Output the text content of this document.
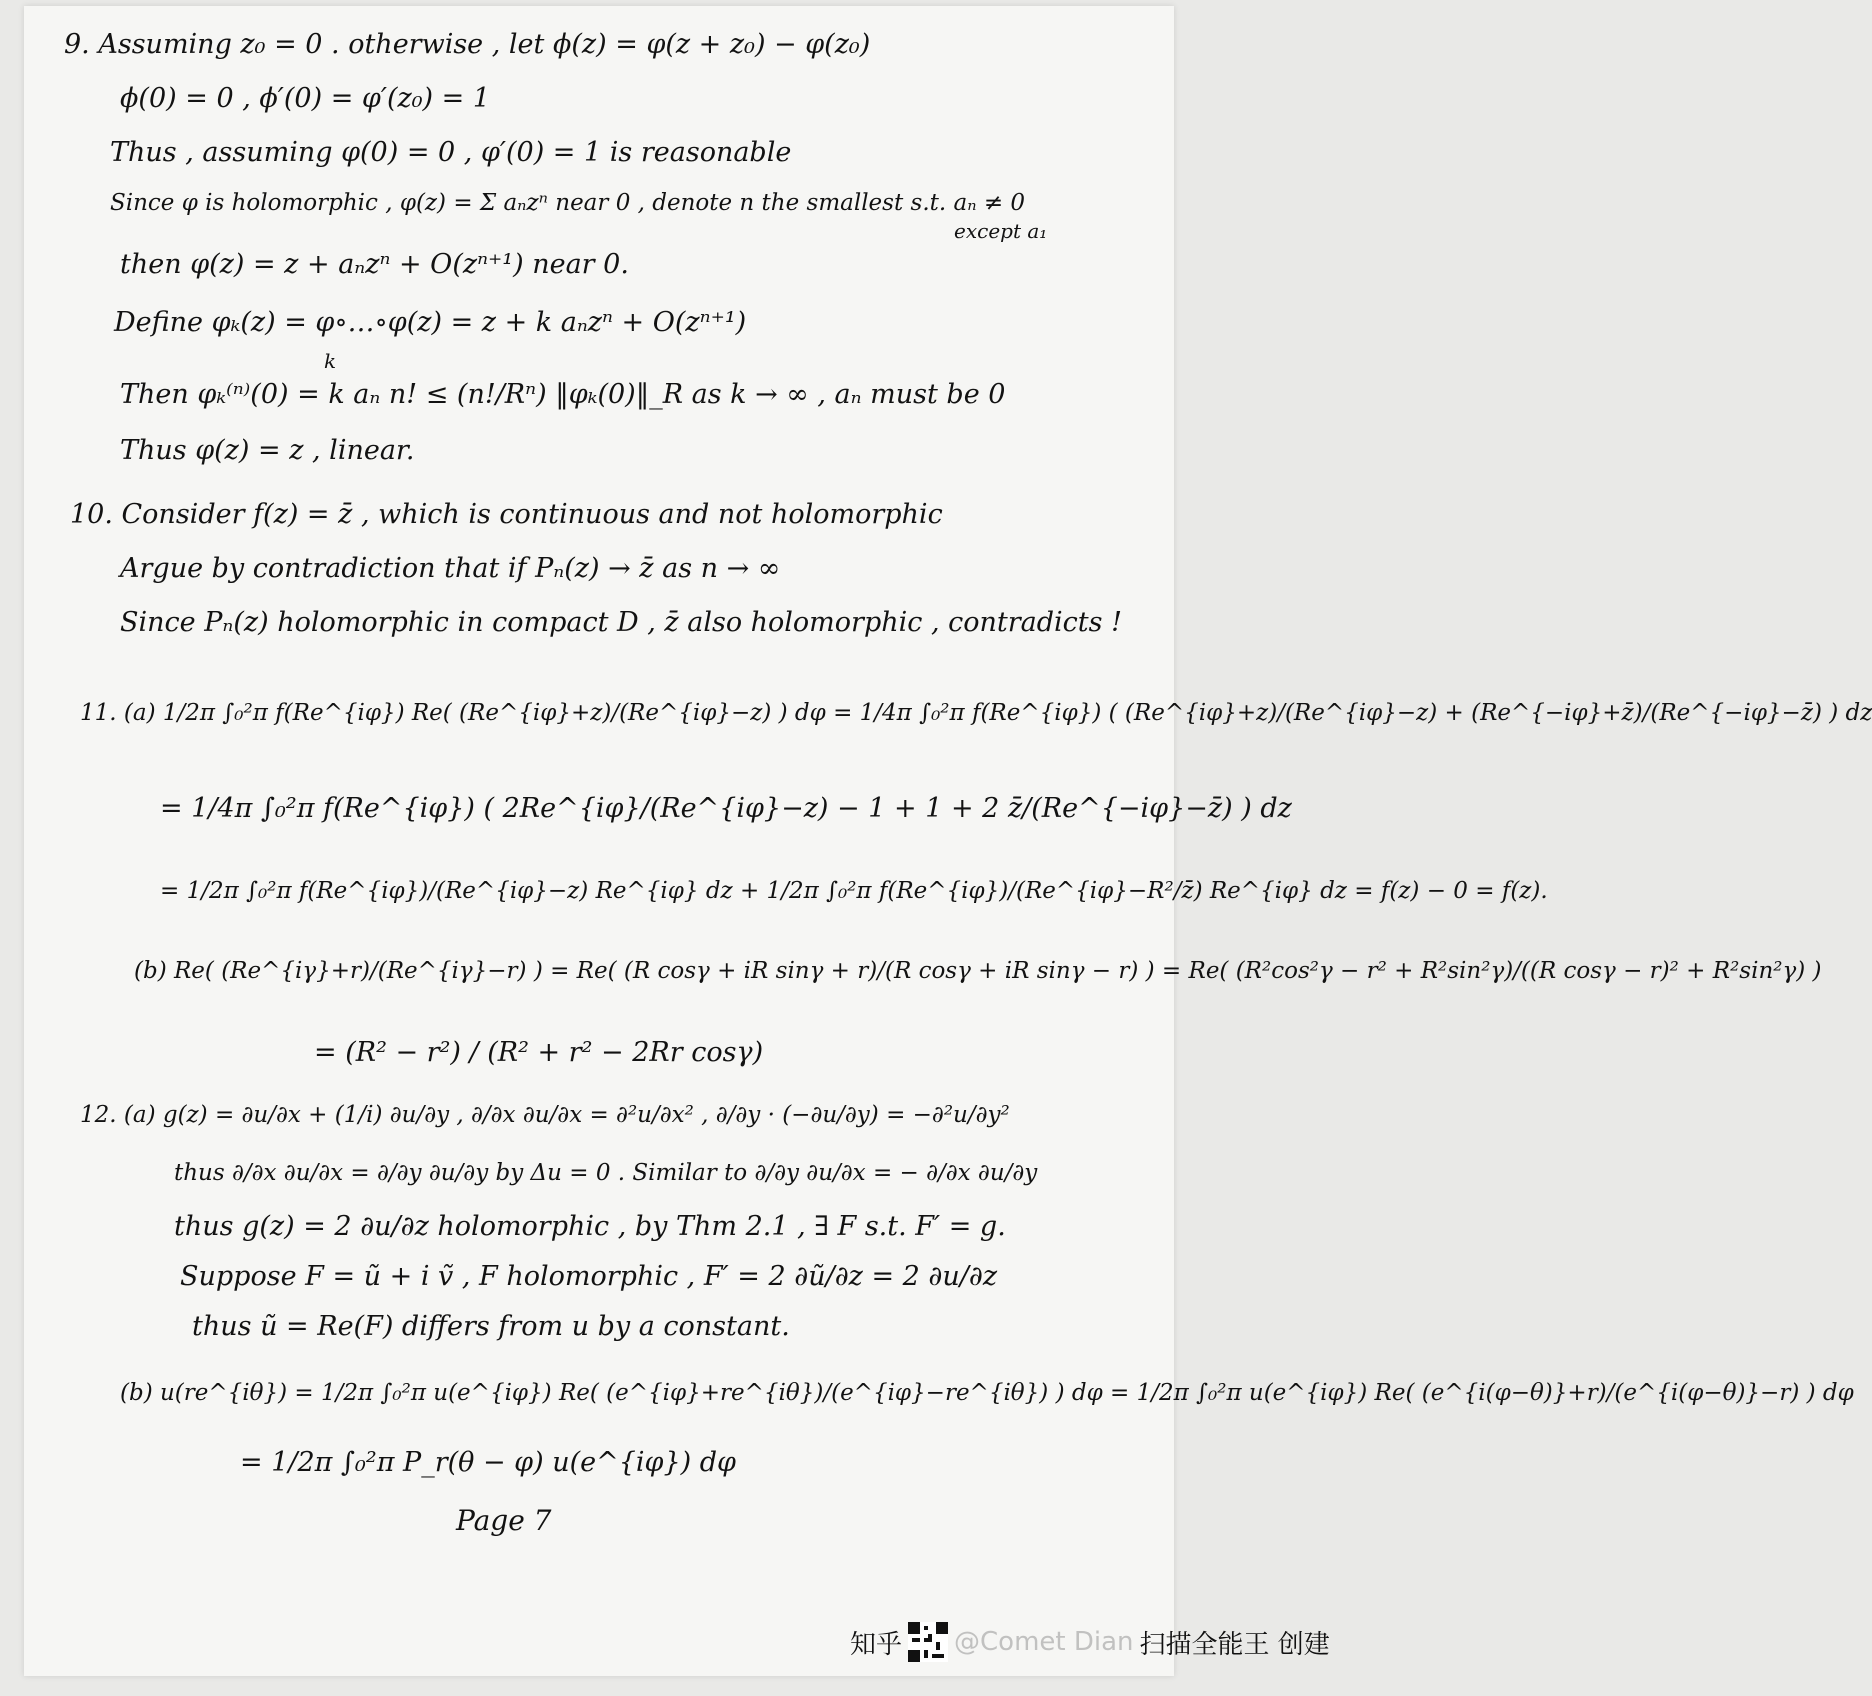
9. Assuming z₀ = 0 . otherwise , let ϕ(z) = φ(z + z₀) − φ(z₀)
ϕ(0) = 0 , ϕ′(0) = φ′(z₀) = 1
Thus , assuming φ(0) = 0 , φ′(0) = 1 is reasonable
Since φ is holomorphic , φ(z) = Σ aₙzⁿ near 0 , denote n the smallest s.t. aₙ ≠ 0
except a₁
then φ(z) = z + aₙzⁿ + O(zⁿ⁺¹) near 0.
Define φₖ(z) = φ∘…∘φ(z) = z + k aₙzⁿ + O(zⁿ⁺¹)
k
Then φₖ⁽ⁿ⁾(0) = k aₙ n! ≤ (n!/Rⁿ) ‖φₖ(0)‖_R as k → ∞ , aₙ must be 0
Thus φ(z) = z , linear.
10. Consider f(z) = z̄ , which is continuous and not holomorphic
Argue by contradiction that if Pₙ(z) → z̄ as n → ∞
Since Pₙ(z) holomorphic in compact D , z̄ also holomorphic , contradicts !
11. (a) 1/2π ∫₀²π f(Re^{iφ}) Re( (Re^{iφ}+z)/(Re^{iφ}−z) ) dφ = 1/4π ∫₀²π f(Re^{iφ}) ( (Re^{iφ}+z)/(Re^{iφ}−z) + (Re^{−iφ}+z̄)/(Re^{−iφ}−z̄) ) dz
= 1/4π ∫₀²π f(Re^{iφ}) ( 2Re^{iφ}/(Re^{iφ}−z) − 1 + 1 + 2 z̄/(Re^{−iφ}−z̄) ) dz
= 1/2π ∫₀²π f(Re^{iφ})/(Re^{iφ}−z) Re^{iφ} dz + 1/2π ∫₀²π f(Re^{iφ})/(Re^{iφ}−R²/z̄) Re^{iφ} dz = f(z) − 0 = f(z).
(b) Re( (Re^{iγ}+r)/(Re^{iγ}−r) ) = Re( (R cosγ + iR sinγ + r)/(R cosγ + iR sinγ − r) ) = Re( (R²cos²γ − r² + R²sin²γ)/((R cosγ − r)² + R²sin²γ) )
= (R² − r²) / (R² + r² − 2Rr cosγ)
12. (a) g(z) = ∂u/∂x + (1/i) ∂u/∂y , ∂/∂x ∂u/∂x = ∂²u/∂x² , ∂/∂y · (−∂u/∂y) = −∂²u/∂y²
thus ∂/∂x ∂u/∂x = ∂/∂y ∂u/∂y by Δu = 0 . Similar to ∂/∂y ∂u/∂x = − ∂/∂x ∂u/∂y
thus g(z) = 2 ∂u/∂z holomorphic , by Thm 2.1 , ∃ F s.t. F′ = g.
Suppose F = ũ + i ṽ , F holomorphic , F′ = 2 ∂ũ/∂z = 2 ∂u/∂z
thus ũ = Re(F) differs from u by a constant.
(b) u(re^{iθ}) = 1/2π ∫₀²π u(e^{iφ}) Re( (e^{iφ}+re^{iθ})/(e^{iφ}−re^{iθ}) ) dφ = 1/2π ∫₀²π u(e^{iφ}) Re( (e^{i(φ−θ)}+r)/(e^{i(φ−θ)}−r) ) dφ
= 1/2π ∫₀²π P_r(θ − φ) u(e^{iφ}) dφ
Page 7
知乎 @Comet Dian 扫描全能王 创建
